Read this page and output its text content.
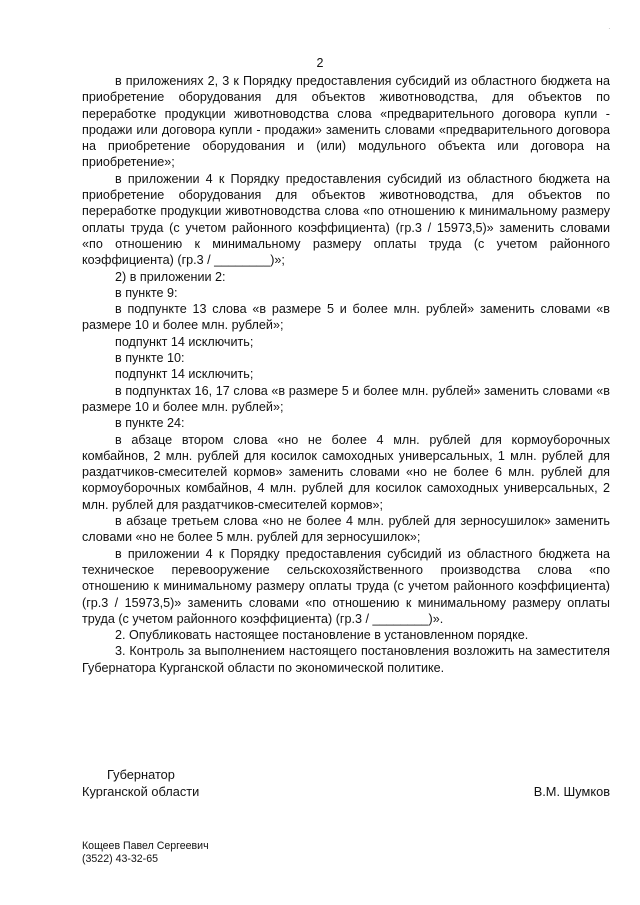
2
·

в приложениях 2, 3 к Порядку предоставления субсидий из областного бюджета на приобретение оборудования для объектов животноводства, для объектов по переработке продукции животноводства слова «предварительного договора купли - продажи или договора купли - продажи» заменить словами «предварительного договора на приобретение оборудования и (или) модульного объекта или договора на приобретение»;

в приложении 4 к Порядку предоставления субсидий из областного бюджета на приобретение оборудования для объектов животноводства, для объектов по переработке продукции животноводства слова «по отношению к минимальному размеру оплаты труда (с учетом районного коэффициента) (гр.3 / 15973,5)» заменить словами «по отношению к минимальному размеру оплаты труда (с учетом районного коэффициента) (гр.3 / ________)»;

2) в приложении 2:

в пункте 9:

в подпункте 13 слова «в размере 5 и более млн. рублей» заменить словами «в размере 10 и более млн. рублей»;

подпункт 14 исключить;

в пункте 10:

подпункт 14 исключить;

в подпунктах 16, 17 слова «в размере 5 и более млн. рублей» заменить словами «в размере 10 и более млн. рублей»;

в пункте 24:

в абзаце втором слова «но не более 4 млн. рублей для кормоуборочных комбайнов, 2 млн. рублей для косилок самоходных универсальных, 1 млн. рублей для раздатчиков-смесителей кормов» заменить словами «но не более 6 млн. рублей для кормоуборочных комбайнов, 4 млн. рублей для косилок самоходных универсальных, 2 млн. рублей для раздатчиков-смесителей кормов»;

в абзаце третьем слова «но не более 4 млн. рублей для зерносушилок» заменить словами «но не более 5 млн. рублей для зерносушилок»;

в приложении 4 к Порядку предоставления субсидий из областного бюджета на техническое перевооружение сельскохозяйственного производства слова «по отношению к минимальному размеру оплаты труда (с учетом районного коэффициента) (гр.3 / 15973,5)» заменить словами «по отношению к минимальному размеру оплаты труда (с учетом районного коэффициента) (гр.3 / ________)».

2. Опубликовать настоящее постановление в установленном порядке.

3. Контроль за выполнением настоящего постановления возложить на заместителя Губернатора Курганской области по экономической политике.

Губернатор
Курганской области	В.М. Шумков
Кощеев Павел Сергеевич
(3522) 43-32-65
